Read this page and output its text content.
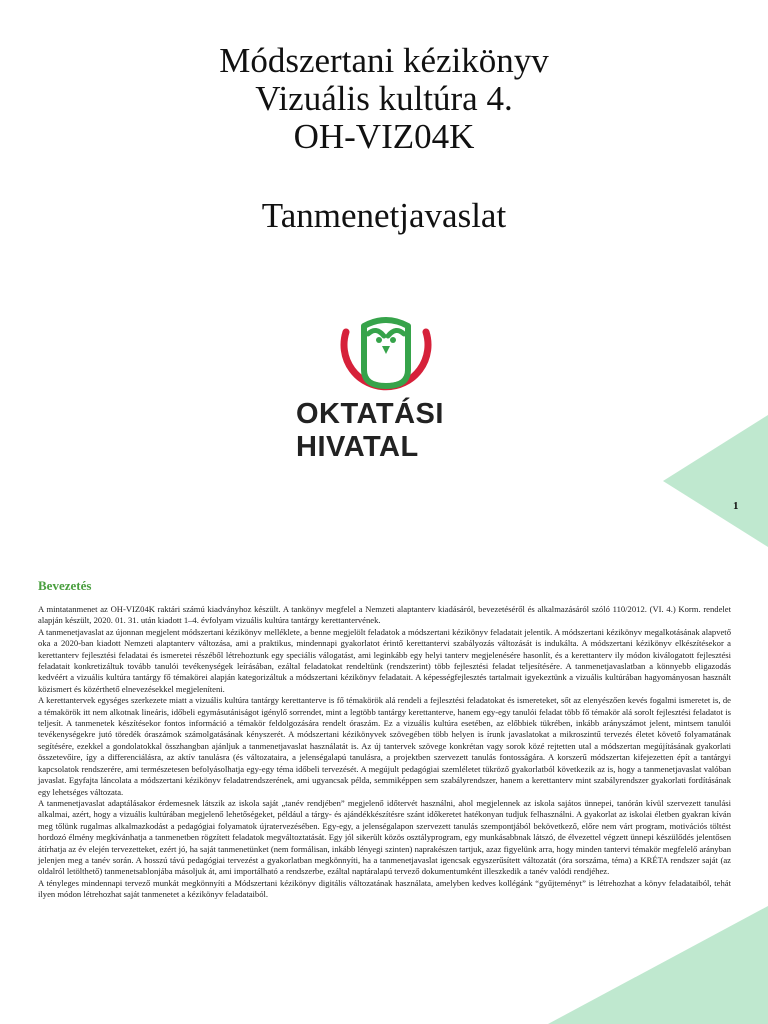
Módszertani kézikönyv
Vizuális kultúra 4.
OH-VIZ04K
Tanmenetjavaslat
OKTATÁSI
HIVATAL
1
Bevezetés

A mintatanmenet az OH-VIZ04K raktári számú kiadványhoz készült. A tankönyv megfelel a Nemzeti alaptanterv kiadásáról, bevezetéséről és alkalmazásáról szóló 110/2012. (VI. 4.) Korm. rendelet alapján készült, 2020. 01. 31. után kiadott 1–4. évfolyam vizuális kultúra tantárgy kerettantervének.

A tanmenetjavaslat az újonnan megjelent módszertani kézikönyv melléklete, a benne megjelölt feladatok a módszertani kézikönyv feladatait jelentik. A módszertani kézikönyv megalkotásának alapvető oka a 2020-ban kiadott Nemzeti alaptanterv változása, ami a praktikus, mindennapi gyakorlatot érintő kerettantervi szabályozás változását is indukálta. A módszertani kézikönyv elkészítésekor a kerettanterv fejlesztési feladatai és ismeretei részéből létrehoztunk egy speciális válogatást, ami leginkább egy helyi tanterv megjelenésére hasonlít, és a kerettanterv ily módon kiválogatott fejlesztési feladatait konkretizáltuk tovább tanulói tevékenységek leírásában, ezáltal feladatokat rendeltünk (rendszerint) több fejlesztési feladat teljesítésére. A tanmenetjavaslatban a könnyebb eligazodás kedvéért a vizuális kultúra tantárgy fő témakörei alapján kategorizáltuk a módszertani kézikönyv feladatait. A képességfejlesztés tartalmait igyekeztünk a vizuális kultúrában hagyományosan használt közismert és közérthető elnevezésekkel megjeleníteni.

A kerettantervek egységes szerkezete miatt a vizuális kultúra tantárgy kerettanterve is fő témakörök alá rendeli a fejlesztési feladatokat és ismereteket, sőt az elenyészően kevés fogalmi ismeretet is, de a témakörök itt nem alkotnak lineáris, időbeli egymásutániságot igénylő sorrendet, mint a legtöbb tantárgy kerettanterve, hanem egy-egy tanulói feladat több fő témakör alá sorolt fejlesztési feladatot is teljesít. A tanmenetek készítésekor fontos információ a témakör feldolgozására rendelt óraszám. Ez a vizuális kultúra esetében, az előbbiek tükrében, inkább arányszámot jelent, mintsem tanulói tevékenységekre jutó töredék óraszámok számolgatásának kényszerét. A módszertani kézikönyvek szövegében több helyen is írunk javaslatokat a mikroszintű tervezés életet követő folyamatának segítésére, ezekkel a gondolatokkal összhangban ajánljuk a tanmenetjavaslat használatát is. Az új tantervek szövege konkrétan vagy sorok közé rejtetten utal a módszertan megújításának gyakorlati összetevőire, így a differenciálásra, az aktív tanulásra (és változataira, a jelenségalapú tanulásra, a projektben szervezett tanulás fontosságára. A korszerű módszertan kifejezetten épít a tantárgyi kapcsolatok rendszerére, ami természetesen befolyásolhatja egy-egy téma időbeli tervezését. A megújult pedagógiai szemléletet tükröző gyakorlatból következik az is, hogy a tanmenetjavaslat valóban javaslat. Egyfajta láncolata a módszertani kézikönyv feladatrendszerének, ami ugyancsak példa, semmiképpen sem szabályrendszer, hanem a kerettanterv mint szabályrendszer gyakorlati fordításának egy lehetséges változata.

A tanmenetjavaslat adaptálásakor érdemesnek látszik az iskola saját „tanév rendjében” megjelenő időtervét használni, ahol megjelennek az iskola sajátos ünnepei, tanórán kívül szervezett tanulási alkalmai, azért, hogy a vizuális kultúrában megjelenő lehetőségeket, például a tárgy- és ajándékkészítésre szánt időkeretet hatékonyan tudjuk felhasználni. A gyakorlat az iskolai életben gyakran kíván meg tőlünk rugalmas alkalmazkodást a pedagógiai folyamatok újratervezésében. Egy-egy, a jelenségalapon szervezett tanulás szempontjából bekövetkező, előre nem várt program, motivációs töltést hordozó élmény megkívánhatja a tanmenetben rögzített feladatok megváltoztatását. Egy jól sikerült közös osztályprogram, egy munkásabbnak látszó, de élvezettel végzett ünnepi készülődés jelentősen átírhatja az év elején tervezetteket, ezért jó, ha saját tanmenetünket (nem formálisan, inkább lényegi szinten) naprakészen tartjuk, azaz figyelünk arra, hogy minden tantervi témakör megfelelő arányban jelenjen meg a tanév során. A hosszú távú pedagógiai tervezést a gyakorlatban megkönnyíti, ha a tanmenetjavaslat igencsak egyszerűsített változatát (óra sorszáma, téma) a KRÉTA rendszer saját (az oldalról letölthető) tanmenetsablonjába másoljuk át, ami importálható a rendszerbe, ezáltal naptáralapú tervező dokumentumként illeszkedik a tanév valódi rendjéhez.

A tényleges mindennapi tervező munkát megkönnyíti a Módszertani kézikönyv digitális változatának használata, amelyben kedves kollégánk “gyűjteményt” is létrehozhat a könyv feladataiból, tehát ilyen módon létrehozhat saját tanmenetet a kézikönyv feladataiból.
